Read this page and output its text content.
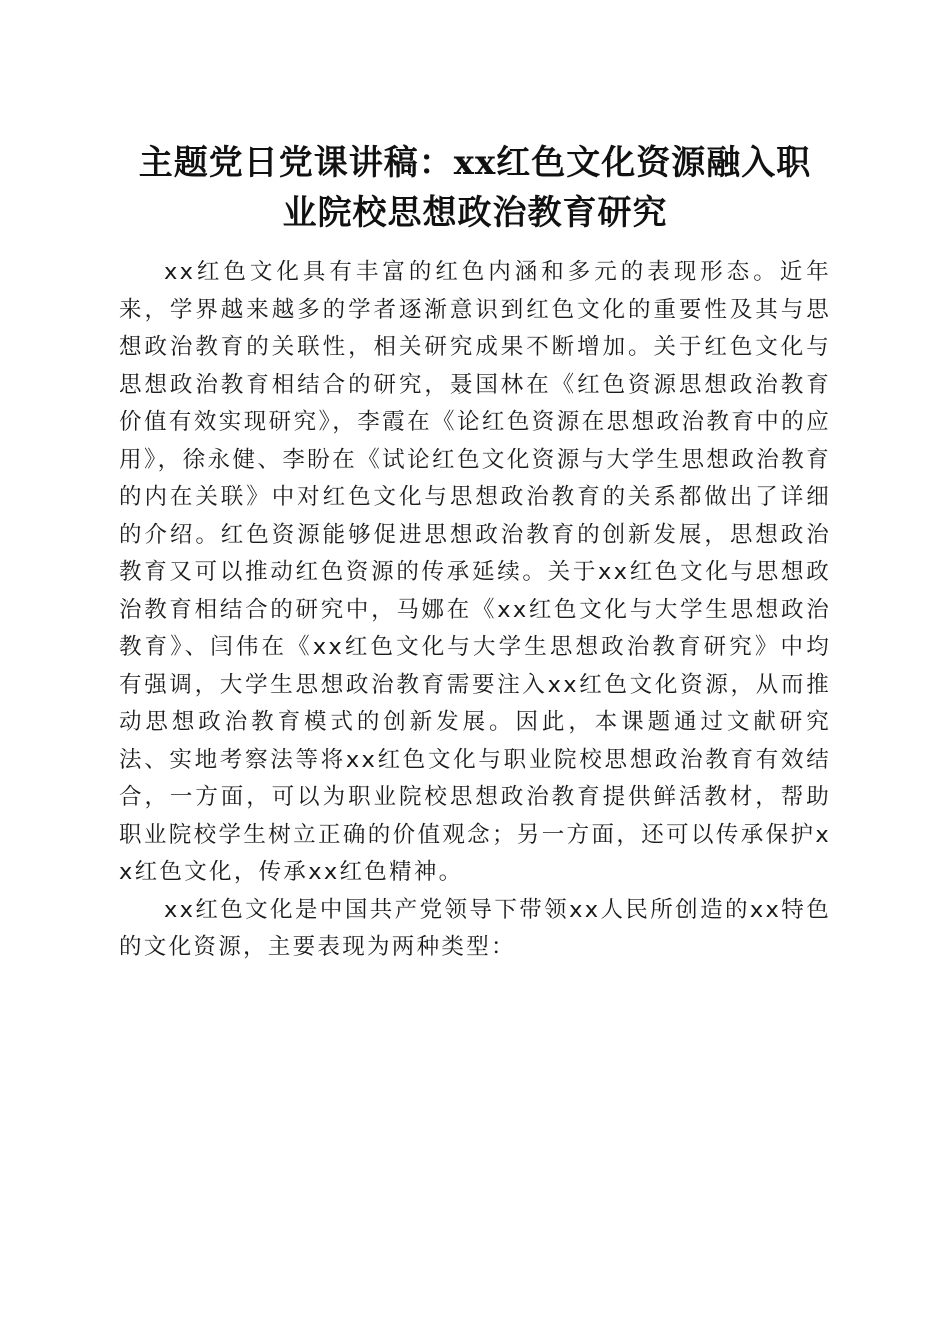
主题党日党课讲稿：xx红色文化资源融入职
业院校思想政治教育研究

xx红色文化具有丰富的红色内涵和多元的表现形态。近年来，学界越来越多的学者逐渐意识到红色文化的重要性及其与思想政治教育的关联性，相关研究成果不断增加。关于红色文化与思想政治教育相结合的研究，聂国林在《红色资源思想政治教育价值有效实现研究》，李霞在《论红色资源在思想政治教育中的应用》，徐永健、李盼在《试论红色文化资源与大学生思想政治教育的内在关联》中对红色文化与思想政治教育的关系都做出了详细的介绍。红色资源能够促进思想政治教育的创新发展，思想政治教育又可以推动红色资源的传承延续。关于xx红色文化与思想政治教育相结合的研究中，马娜在《xx红色文化与大学生思想政治教育》、闫伟在《xx红色文化与大学生思想政治教育研究》中均有强调，大学生思想政治教育需要注入xx红色文化资源，从而推动思想政治教育模式的创新发展。因此，本课题通过文献研究法、实地考察法等将xx红色文化与职业院校思想政治教育有效结合，一方面，可以为职业院校思想政治教育提供鲜活教材，帮助职业院校学生树立正确的价值观念；另一方面，还可以传承保护xx红色文化，传承xx红色精神。

xx红色文化是中国共产党领导下带领xx人民所创造的xx特色的文化资源，主要表现为两种类型：
